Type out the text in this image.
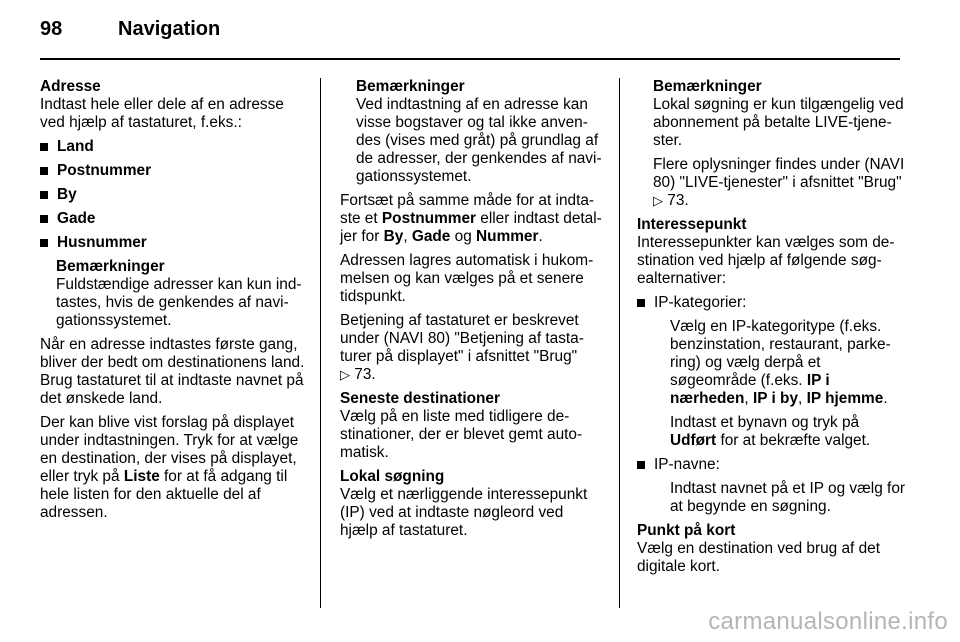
98	Navigation
Adresse

Indtast hele eller dele af en adresse ved hjælp af tastaturet, f.eks.:

Land
Postnummer
By
Gade
Husnummer
Bemærkninger

Fuldstændige adresser kan kun indtastes, hvis de genkendes af navigationssystemet.

Når en adresse indtastes første gang, bliver der bedt om destinationens land. Brug tastaturet til at indtaste navnet på det ønskede land.

Der kan blive vist forslag på displayet under indtastningen. Tryk for at vælge en destination, der vises på displayet, eller tryk på Liste for at få adgang til hele listen for den aktuelle del af adressen.

Bemærkninger

Ved indtastning af en adresse kan visse bogstaver og tal ikke anvendes (vises med gråt) på grundlag af de adresser, der genkendes af navigationssystemet.

Fortsæt på samme måde for at indtaste et Postnummer eller indtast detaljer for By, Gade og Nummer.

Adressen lagres automatisk i hukommelsen og kan vælges på et senere tidspunkt.

Betjening af tastaturet er beskrevet under (NAVI 80) "Betjening af tastaturer på displayet" i afsnittet "Brug"
▷ 73.

Seneste destinationer

Vælg på en liste med tidligere destinationer, der er blevet gemt automatisk.

Lokal søgning

Vælg et nærliggende interessepunkt (IP) ved at indtaste nøgleord ved hjælp af tastaturet.

Bemærkninger

Lokal søgning er kun tilgængelig ved abonnement på betalte LIVE-tjenester.

Flere oplysninger findes under (NAVI 80) "LIVE-tjenester" i afsnittet "Brug" ▷ 73.

Interessepunkt

Interessepunkter kan vælges som destination ved hjælp af følgende søgealternativer:

IP-kategorier:

Vælg en IP-kategoritype (f.eks. benzinstation, restaurant, parkering) og vælg derpå et søgeområde (f.eks. IP i nærheden, IP i by, IP hjemme.

Indtast et bynavn og tryk på Udført for at bekræfte valget.

IP-navne:

Indtast navnet på et IP og vælg for at begynde en søgning.

Punkt på kort

Vælg en destination ved brug af det digitale kort.

carmanualsonline.info
